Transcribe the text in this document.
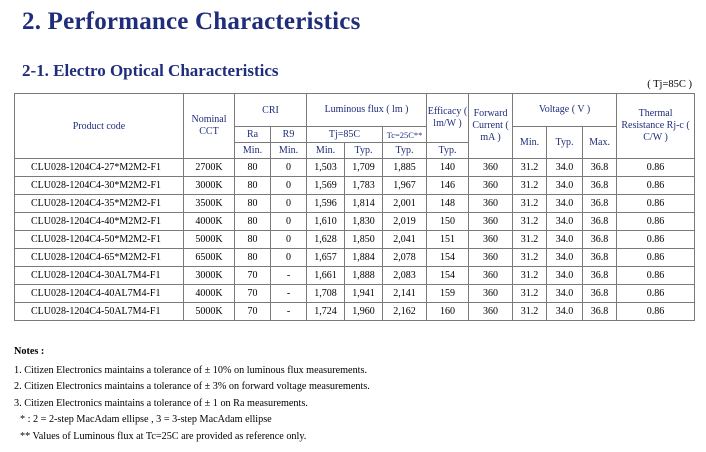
2. Performance Characteristics
2-1. Electro Optical Characteristics
( Tj=85C )
Product code	Nominal CCT	CRI		Luminous flux ( lm )			Efficacy ( lm/W )	Forward Current ( mA )	Voltage ( V )			Thermal Resistance Rj-c ( C/W )
		Ra	R9	Tj=85C		Tc=25C**			Min.	Typ.	Max.	
		Min.	Min.	Min.	Typ.	Typ.	Typ.					
CLU028-1204C4-27*M2M2-F1	2700K	80	0	1,503	1,709	1,885	140	360	31.2	34.0	36.8	0.86
CLU028-1204C4-30*M2M2-F1	3000K	80	0	1,569	1,783	1,967	146	360	31.2	34.0	36.8	0.86
CLU028-1204C4-35*M2M2-F1	3500K	80	0	1,596	1,814	2,001	148	360	31.2	34.0	36.8	0.86
CLU028-1204C4-40*M2M2-F1	4000K	80	0	1,610	1,830	2,019	150	360	31.2	34.0	36.8	0.86
CLU028-1204C4-50*M2M2-F1	5000K	80	0	1,628	1,850	2,041	151	360	31.2	34.0	36.8	0.86
CLU028-1204C4-65*M2M2-F1	6500K	80	0	1,657	1,884	2,078	154	360	31.2	34.0	36.8	0.86
CLU028-1204C4-30AL7M4-F1	3000K	70	-	1,661	1,888	2,083	154	360	31.2	34.0	36.8	0.86
CLU028-1204C4-40AL7M4-F1	4000K	70	-	1,708	1,941	2,141	159	360	31.2	34.0	36.8	0.86
CLU028-1204C4-50AL7M4-F1	5000K	70	-	1,724	1,960	2,162	160	360	31.2	34.0	36.8	0.86
Notes :
1. Citizen Electronics maintains a tolerance of ± 10% on luminous flux measurements.
2. Citizen Electronics maintains a tolerance of ± 3% on forward voltage measurements.
3. Citizen Electronics maintains a tolerance of ± 1 on Ra measurements.
* : 2 = 2-step MacAdam ellipse , 3 = 3-step MacAdam ellipse
** Values of Luminous flux at Tc=25C are provided as reference only.
